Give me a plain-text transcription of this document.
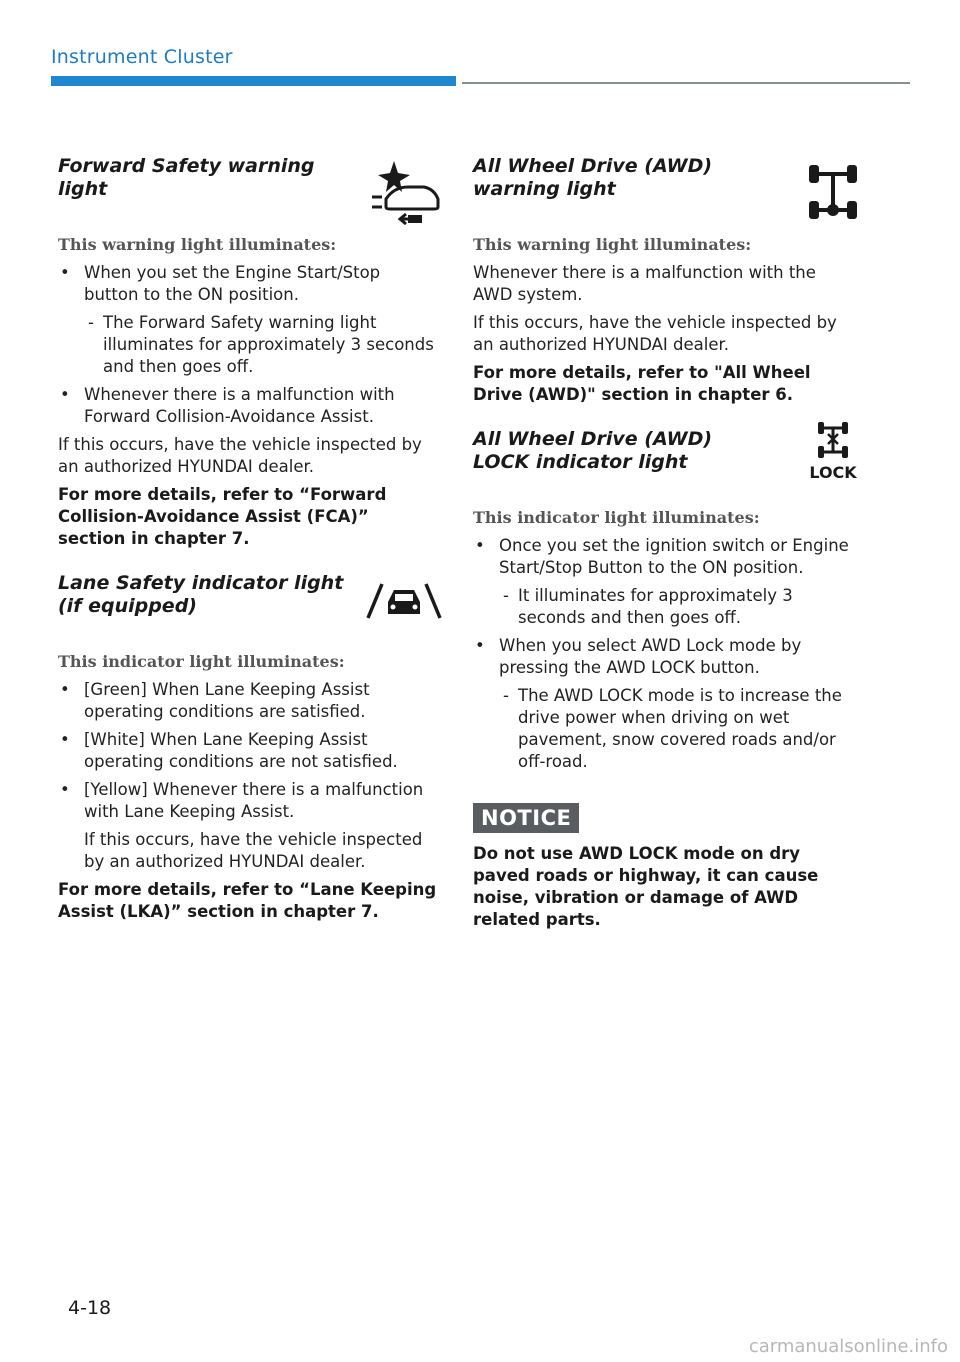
Instrument Cluster
Forward Safety warning light
This warning light illuminates:
• When you set the Engine Start/Stop button to the ON position.
- The Forward Safety warning light illuminates for approximately 3 seconds and then goes off.
• Whenever there is a malfunction with Forward Collision-Avoidance Assist.

If this occurs, have the vehicle inspected by an authorized HYUNDAI dealer.

For more details, refer to “Forward Collision-Avoidance Assist (FCA)” section in chapter 7.

Lane Safety indicator light (if equipped)
This indicator light illuminates:
• [Green] When Lane Keeping Assist operating conditions are satisfied.
• [White] When Lane Keeping Assist operating conditions are not satisfied.
• [Yellow] Whenever there is a malfunction with Lane Keeping Assist.
If this occurs, have the vehicle inspected by an authorized HYUNDAI dealer.

For more details, refer to “Lane Keeping Assist (LKA)” section in chapter 7.

All Wheel Drive (AWD) warning light
This warning light illuminates:

Whenever there is a malfunction with the AWD system.

If this occurs, have the vehicle inspected by an authorized HYUNDAI dealer.

For more details, refer to "All Wheel Drive (AWD)" section in chapter 6.

All Wheel Drive (AWD) LOCK indicator light	LOCK
This indicator light illuminates:
• Once you set the ignition switch or Engine Start/Stop Button to the ON position.
- It illuminates for approximately 3 seconds and then goes off.
• When you select AWD Lock mode by pressing the AWD LOCK button.
- The AWD LOCK mode is to increase the drive power when driving on wet pavement, snow covered roads and/or off-road.
NOTICE

Do not use AWD LOCK mode on dry paved roads or highway, it can cause noise, vibration or damage of AWD related parts.

4-18
carmanualsonline.info
